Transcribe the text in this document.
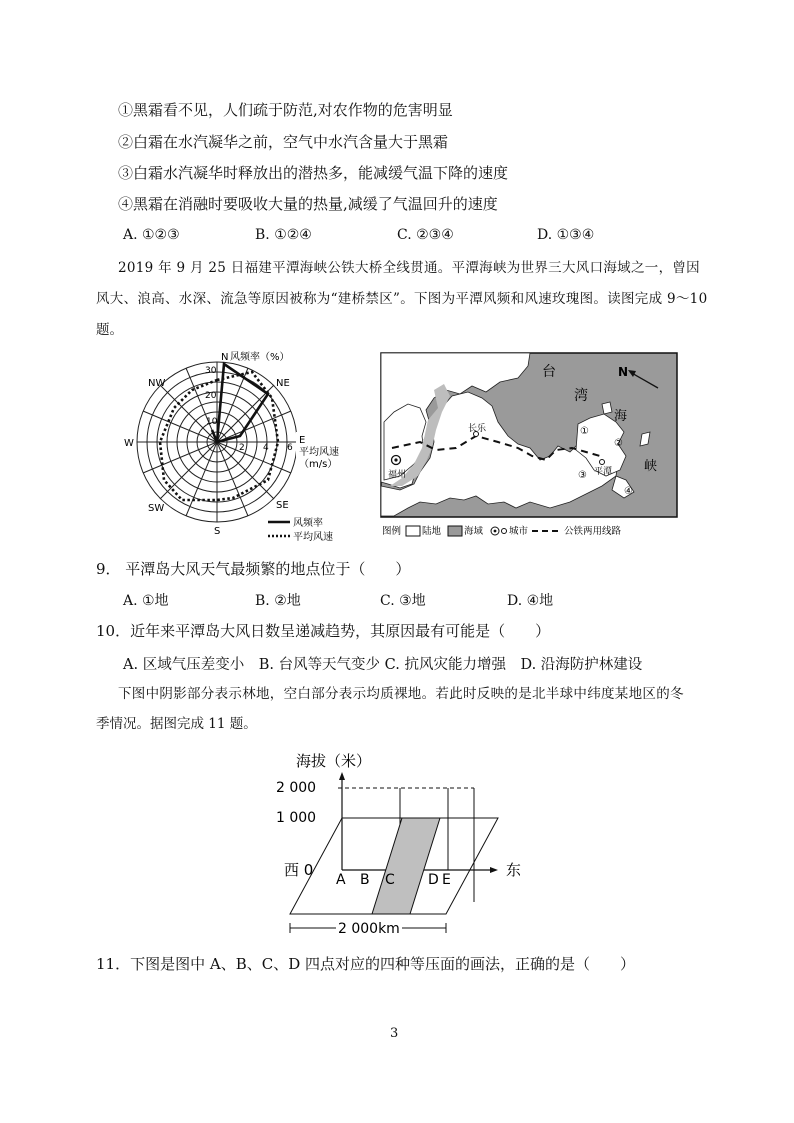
①黑霜看不见，人们疏于防范,对农作物的危害明显
②白霜在水汽凝华之前，空气中水汽含量大于黑霜
③白霜水汽凝华时释放出的潜热多，能减缓气温下降的速度
④黑霜在消融时要吸收大量的热量,减缓了气温回升的速度
A. ①②③	B. ①②④	C. ②③④	D. ①③④
2019 年 9 月 25 日福建平潭海峡公铁大桥全线贯通。平潭海峡为世界三大风口海域之一，曾因
风大、浪高、水深、流急等原因被称为“建桥禁区”。下图为平潭风频和风速玫瑰图。读图完成 9～10
题。
N 风频率（%）
NE
E
平均风速
（m/s）
SE
S
SW
W
NW
30
20
10
2 4 6
风频率
平均风速
台
湾
海
峡
N
长乐
福州	平潭
①
②
③
④
图例 陆地 海域	城市	公铁两用线路
9． 平潭岛大风天气最频繁的地点位于（　　）
A. ①地	B. ②地	C. ③地	D. ④地
10．近年来平潭岛大风日数呈递减趋势，其原因最有可能是（　　）
A. 区域气压差变小　B. 台风等天气变少 C. 抗风灾能力增强　D. 沿海防护林建设
下图中阴影部分表示林地，空白部分表示均质裸地。若此时反映的是北半球中纬度某地区的冬
季情况。据图完成 11 题。
海拔（米）
2 000
1 000
西 0	东
A B C D E
2 000km
11．下图是图中 A、B、C、D 四点对应的四种等压面的画法，正确的是（　　）
3
